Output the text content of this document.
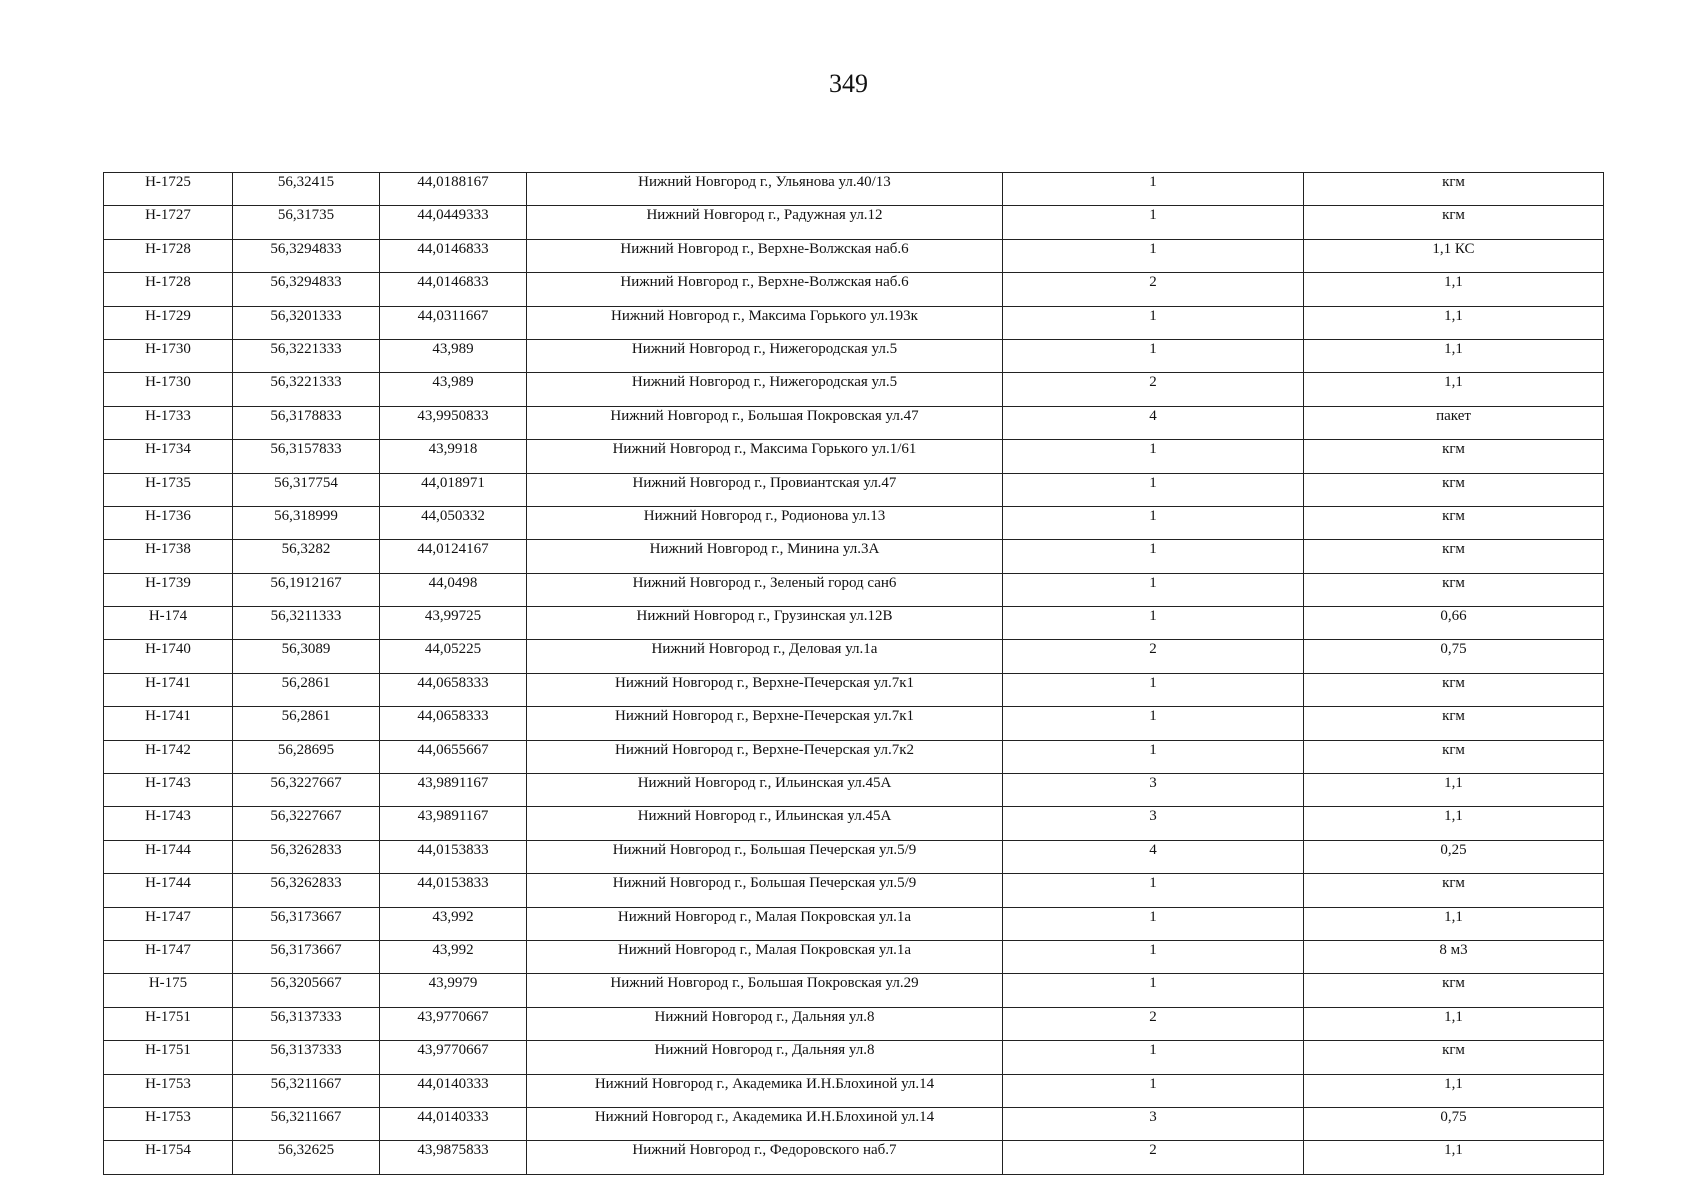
349
Н-1725	56,32415	44,0188167	Нижний Новгород г., Ульянова ул.40/13	1	кгм
Н-1727	56,31735	44,0449333	Нижний Новгород г., Радужная ул.12	1	кгм
Н-1728	56,3294833	44,0146833	Нижний Новгород г., Верхне-Волжская наб.6	1	1,1 КС
Н-1728	56,3294833	44,0146833	Нижний Новгород г., Верхне-Волжская наб.6	2	1,1
Н-1729	56,3201333	44,0311667	Нижний Новгород г., Максима Горького ул.193к	1	1,1
Н-1730	56,3221333	43,989	Нижний Новгород г., Нижегородская ул.5	1	1,1
Н-1730	56,3221333	43,989	Нижний Новгород г., Нижегородская ул.5	2	1,1
Н-1733	56,3178833	43,9950833	Нижний Новгород г., Большая Покровская ул.47	4	пакет
Н-1734	56,3157833	43,9918	Нижний Новгород г., Максима Горького ул.1/61	1	кгм
Н-1735	56,317754	44,018971	Нижний Новгород г., Провиантская ул.47	1	кгм
Н-1736	56,318999	44,050332	Нижний Новгород г., Родионова ул.13	1	кгм
Н-1738	56,3282	44,0124167	Нижний Новгород г., Минина ул.3А	1	кгм
Н-1739	56,1912167	44,0498	Нижний Новгород г., Зеленый город сан6	1	кгм
Н-174	56,3211333	43,99725	Нижний Новгород г., Грузинская ул.12В	1	0,66
Н-1740	56,3089	44,05225	Нижний Новгород г., Деловая ул.1а	2	0,75
Н-1741	56,2861	44,0658333	Нижний Новгород г., Верхне-Печерская ул.7к1	1	кгм
Н-1741	56,2861	44,0658333	Нижний Новгород г., Верхне-Печерская ул.7к1	1	кгм
Н-1742	56,28695	44,0655667	Нижний Новгород г., Верхне-Печерская ул.7к2	1	кгм
Н-1743	56,3227667	43,9891167	Нижний Новгород г., Ильинская ул.45А	3	1,1
Н-1743	56,3227667	43,9891167	Нижний Новгород г., Ильинская ул.45А	3	1,1
Н-1744	56,3262833	44,0153833	Нижний Новгород г., Большая Печерская ул.5/9	4	0,25
Н-1744	56,3262833	44,0153833	Нижний Новгород г., Большая Печерская ул.5/9	1	кгм
Н-1747	56,3173667	43,992	Нижний Новгород г., Малая Покровская ул.1а	1	1,1
Н-1747	56,3173667	43,992	Нижний Новгород г., Малая Покровская ул.1а	1	8 м3
Н-175	56,3205667	43,9979	Нижний Новгород г., Большая Покровская ул.29	1	кгм
Н-1751	56,3137333	43,9770667	Нижний Новгород г., Дальняя ул.8	2	1,1
Н-1751	56,3137333	43,9770667	Нижний Новгород г., Дальняя ул.8	1	кгм
Н-1753	56,3211667	44,0140333	Нижний Новгород г., Академика И.Н.Блохиной ул.14	1	1,1
Н-1753	56,3211667	44,0140333	Нижний Новгород г., Академика И.Н.Блохиной ул.14	3	0,75
Н-1754	56,32625	43,9875833	Нижний Новгород г., Федоровского наб.7	2	1,1
